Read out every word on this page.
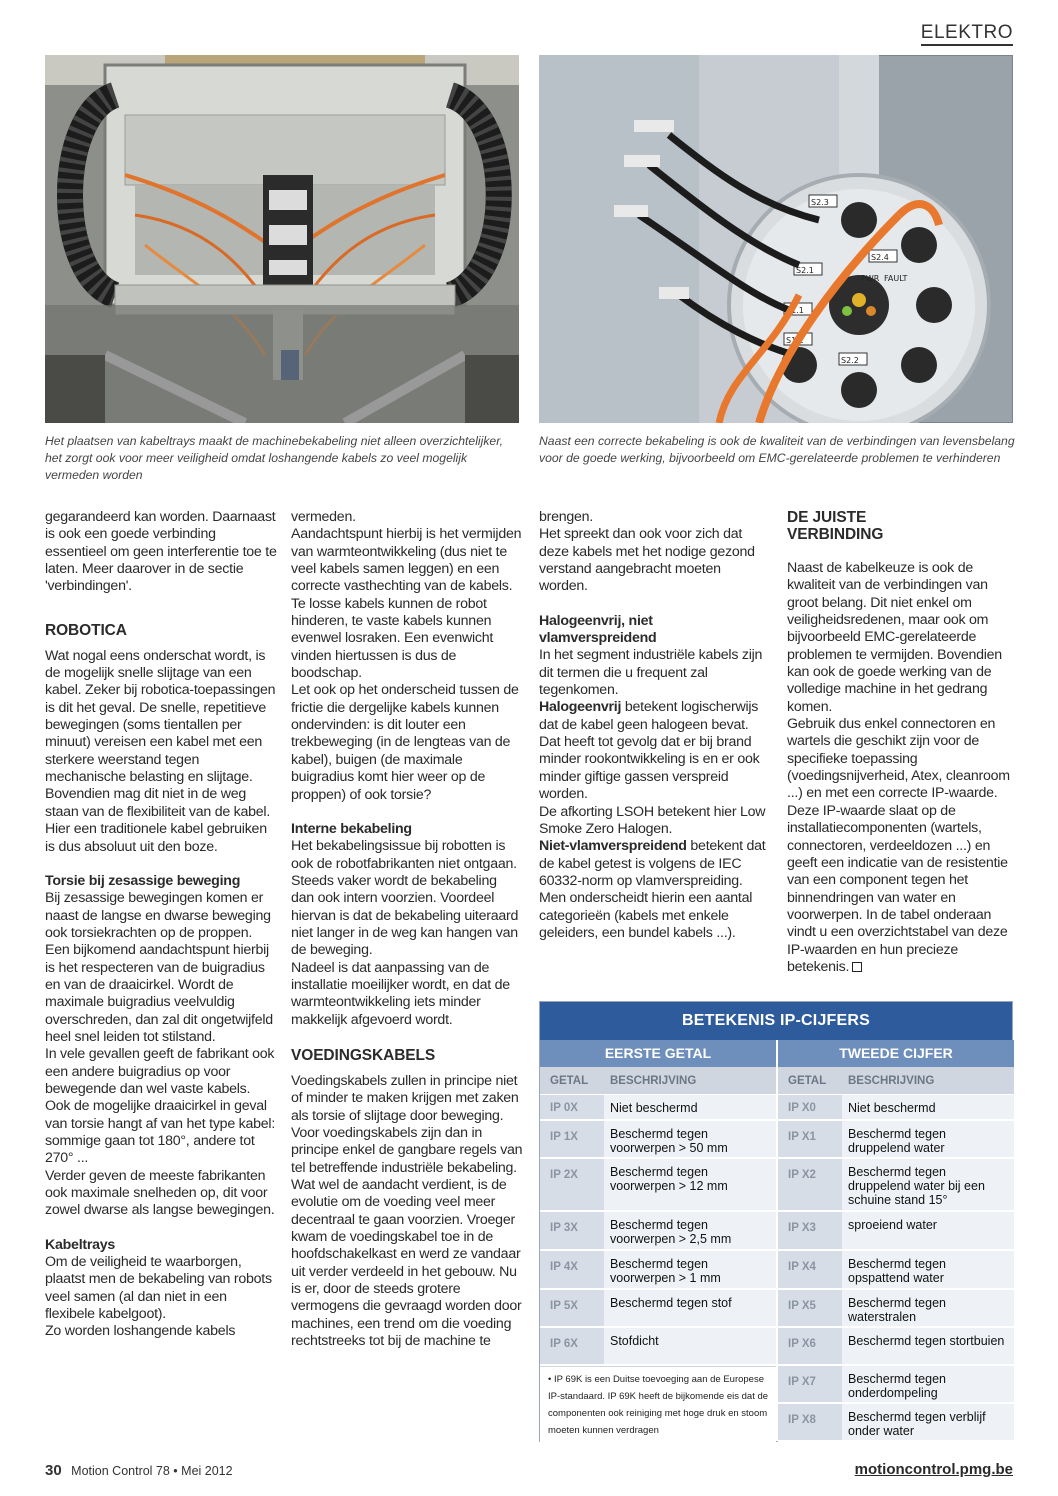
ELEKTRO
S2.3
S2.4
S2.1
S1.1
S1.2
S2.2
PWR FAULT
Het plaatsen van kabeltrays maakt de machinebekabeling niet alleen overzichtelijker, het zorgt ook voor meer veiligheid omdat loshangende kabels zo veel mogelijk vermeden worden
Naast een correcte bekabeling is ook de kwaliteit van de verbindingen van levensbelang voor de goede werking, bijvoorbeeld om EMC-gerelateerde problemen te verhinderen

gegarandeerd kan worden. Daarnaast is ook een goede verbinding essentieel om geen interferentie toe te laten. Meer daarover in de sectie 'verbindingen'.

ROBOTICA

Wat nogal eens onderschat wordt, is de mogelijk snelle slijtage van een kabel. Zeker bij robotica-toepassingen is dit het geval. De snelle, repetitieve bewegingen (soms tientallen per minuut) vereisen een kabel met een sterkere weerstand tegen mechanische belasting en slijtage.

Bovendien mag dit niet in de weg staan van de flexibiliteit van de kabel. Hier een traditionele kabel gebruiken is dus absoluut uit den boze.

Torsie bij zesassige beweging

Bij zesassige bewegingen komen er naast de langse en dwarse beweging ook torsiekrachten op de proppen.

Een bijkomend aandachtspunt hierbij is het respecteren van de buigradius en van de draaicirkel. Wordt de maximale buigradius veelvuldig overschreden, dan zal dit ongetwijfeld heel snel leiden tot stilstand.

In vele gevallen geeft de fabrikant ook een andere buigradius op voor bewegende dan wel vaste kabels. Ook de mogelijke draaicirkel in geval van torsie hangt af van het type kabel: sommige gaan tot 180°, andere tot 270° ...

Verder geven de meeste fabrikanten ook maximale snelheden op, dit voor zowel dwarse als langse bewegingen.

Kabeltrays

Om de veiligheid te waarborgen, plaatst men de bekabeling van robots veel samen (al dan niet in een flexibele kabelgoot).

Zo worden loshangende kabels

vermeden.

Aandachtspunt hierbij is het vermijden van warmteontwikkeling (dus niet te veel kabels samen leggen) en een correcte vasthechting van de kabels.

Te losse kabels kunnen de robot hinderen, te vaste kabels kunnen evenwel losraken. Een evenwicht vinden hiertussen is dus de boodschap.

Let ook op het onderscheid tussen de frictie die dergelijke kabels kunnen ondervinden: is dit louter een trekbeweging (in de lengteas van de kabel), buigen (de maximale buigradius komt hier weer op de proppen) of ook torsie?

Interne bekabeling

Het bekabelingsissue bij robotten is ook de robotfabrikanten niet ontgaan. Steeds vaker wordt de bekabeling dan ook intern voorzien. Voordeel hiervan is dat de bekabeling uiteraard niet langer in de weg kan hangen van de beweging.

Nadeel is dat aanpassing van de installatie moeilijker wordt, en dat de warmteontwikkeling iets minder makkelijk afgevoerd wordt.

VOEDINGSKABELS

Voedingskabels zullen in principe niet of minder te maken krijgen met zaken als torsie of slijtage door beweging. Voor voedingskabels zijn dan in principe enkel de gangbare regels van tel betreffende industriële bekabeling.

Wat wel de aandacht verdient, is de evolutie om de voeding veel meer decentraal te gaan voorzien. Vroeger kwam de voedingskabel toe in de hoofdschakelkast en werd ze vandaar uit verder verdeeld in het gebouw. Nu is er, door de steeds grotere vermogens die gevraagd worden door machines, een trend om die voeding rechtstreeks tot bij de machine te

brengen.

Het spreekt dan ook voor zich dat deze kabels met het nodige gezond verstand aangebracht moeten worden.

Halogeenvrij, niet vlamverspreidend

In het segment industriële kabels zijn dit termen die u frequent zal tegenkomen.

Halogeenvrij betekent logischerwijs dat de kabel geen halogeen bevat. Dat heeft tot gevolg dat er bij brand minder rookontwikkeling is en er ook minder giftige gassen verspreid worden.

De afkorting LSOH betekent hier Low Smoke Zero Halogen.

Niet-vlamverspreidend betekent dat de kabel getest is volgens de IEC 60332-norm op vlamverspreiding.

Men onderscheidt hierin een aantal categorieën (kabels met enkele geleiders, een bundel kabels ...).

DE JUISTE VERBINDING

Naast de kabelkeuze is ook de kwaliteit van de verbindingen van groot belang. Dit niet enkel om veiligheidsredenen, maar ook om bijvoorbeeld EMC-gerelateerde problemen te vermijden. Bovendien kan ook de goede werking van de volledige machine in het gedrang komen.

Gebruik dus enkel connectoren en wartels die geschikt zijn voor de specifieke toepassing (voedingsnijverheid, Atex, cleanroom ...) en met een correcte IP-waarde. Deze IP-waarde slaat op de installatiecomponenten (wartels, connectoren, verdeeldozen ...) en geeft een indicatie van de resistentie van een component tegen het binnendringen van water en voorwerpen. In de tabel onderaan vindt u een overzichtstabel van deze IP-waarden en hun precieze betekenis.

BETEKENIS IP-CIJFERS
EERSTE GETAL
GETAL	BESCHRIJVING
IP 0X	Niet beschermd
IP 1X	Beschermd tegen voorwerpen > 50 mm
IP 2X	Beschermd tegen voorwerpen > 12 mm
IP 3X	Beschermd tegen voorwerpen > 2,5 mm
IP 4X	Beschermd tegen voorwerpen > 1 mm
IP 5X	Beschermd tegen stof
IP 6X	Stofdicht
• IP 69K is een Duitse toevoeging aan de Europese IP-standaard. IP 69K heeft de bijkomende eis dat de componenten ook reiniging met hoge druk en stoom moeten kunnen verdragen
TWEEDE CIJFER
GETAL	BESCHRIJVING
IP X0	Niet beschermd
IP X1	Beschermd tegen druppelend water
IP X2	Beschermd tegen druppelend water bij een schuine stand 15°
IP X3	sproeiend water
IP X4	Beschermd tegen opspattend water
IP X5	Beschermd tegen waterstralen
IP X6	Beschermd tegen stortbuien
IP X7	Beschermd tegen onderdompeling
IP X8	Beschermd tegen verblijf onder water
30 Motion Control 78 • Mei 2012	motioncontrol.pmg.be
